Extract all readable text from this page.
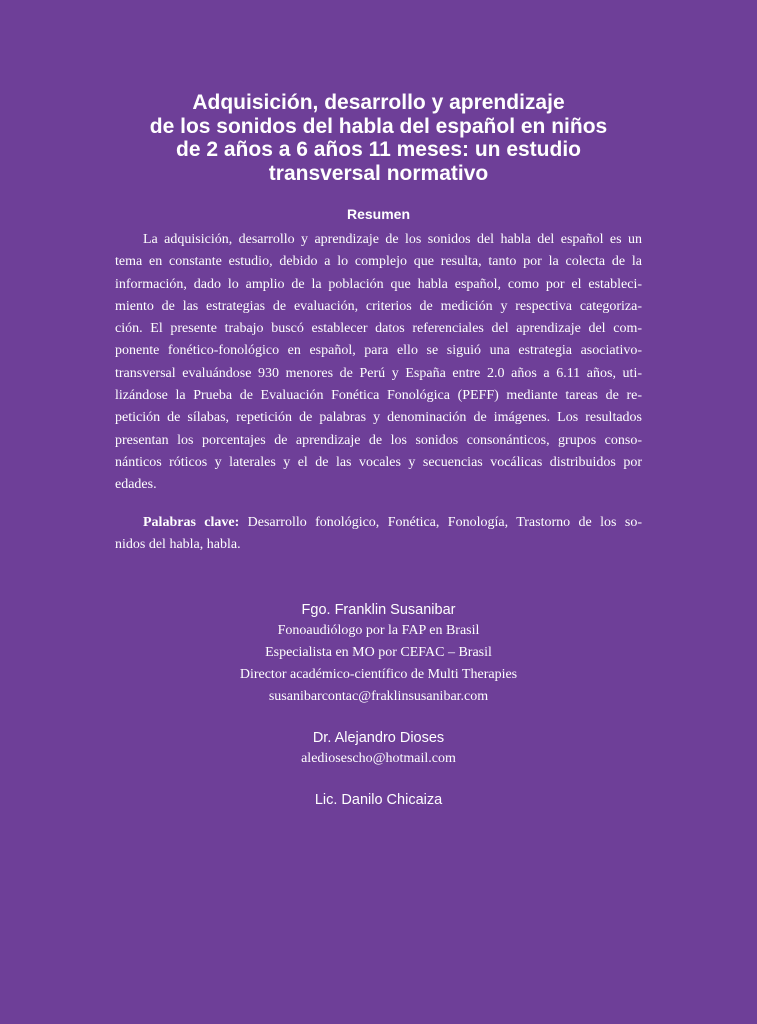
Adquisición, desarrollo y aprendizaje
de los sonidos del habla del español en niños
de 2 años a 6 años 11 meses: un estudio
transversal normativo
Resumen
La adquisición, desarrollo y aprendizaje de los sonidos del habla del español es un
tema en constante estudio, debido a lo complejo que resulta, tanto por la colecta de la
información, dado lo amplio de la población que habla español, como por el estableci-
miento de las estrategias de evaluación, criterios de medición y respectiva categoriza-
ción. El presente trabajo buscó establecer datos referenciales del aprendizaje del com-
ponente fonético-fonológico en español, para ello se siguió una estrategia asociativo-
transversal evaluándose 930 menores de Perú y España entre 2.0 años a 6.11 años, uti-
lizándose la Prueba de Evaluación Fonética Fonológica (PEFF) mediante tareas de re-
petición de sílabas, repetición de palabras y denominación de imágenes. Los resultados
presentan los porcentajes de aprendizaje de los sonidos consonánticos, grupos conso-
nánticos róticos y laterales y el de las vocales y secuencias vocálicas distribuidos por
edades.
Palabras clave: Desarrollo fonológico, Fonética, Fonología, Trastorno de los so-
nidos del habla, habla.
Fgo. Franklin Susanibar
Fonoaudiólogo por la FAP en Brasil
Especialista en MO por CEFAC – Brasil
Director académico-científico de Multi Therapies
susanibarcontac@fraklinsusanibar.com
Dr. Alejandro Dioses
aledioses​cho@hotmail.com
Lic. Danilo Chicaiza
